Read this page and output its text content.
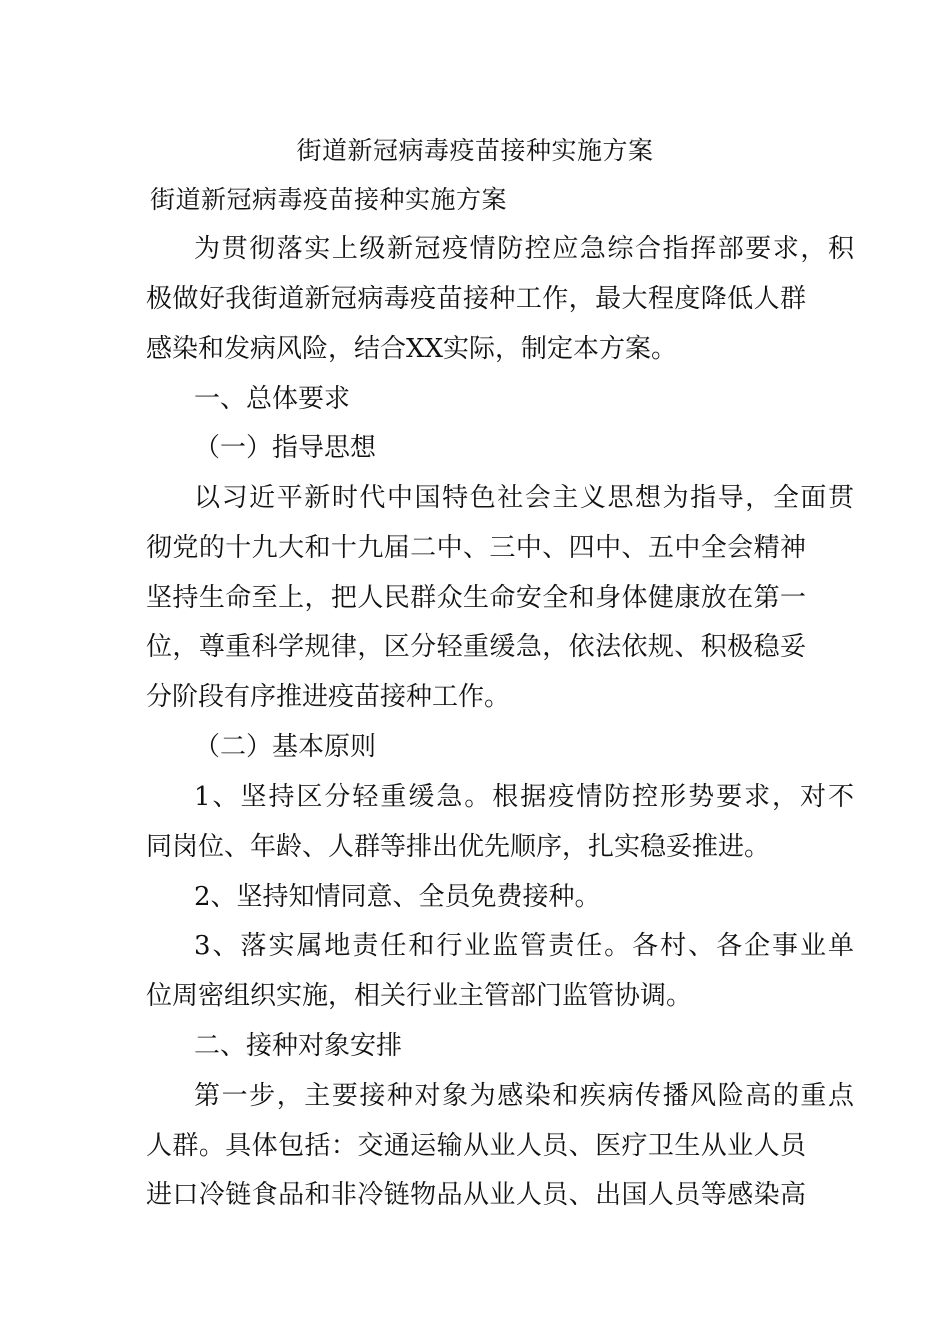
街道新冠病毒疫苗接种实施方案
街道新冠病毒疫苗接种实施方案
为贯彻落实上级新冠疫情防控应急综合指挥部要求，积
极做好我街道新冠病毒疫苗接种工作，最大程度降低人群
感染和发病风险，结合XX实际，制定本方案。
一、总体要求
（一）指导思想
以习近平新时代中国特色社会主义思想为指导，全面贯
彻党的十九大和十九届二中、三中、四中、五中全会精神
坚持生命至上，把人民群众生命安全和身体健康放在第一
位，尊重科学规律，区分轻重缓急，依法依规、积极稳妥
分阶段有序推进疫苗接种工作。
（二）基本原则
1、坚持区分轻重缓急。根据疫情防控形势要求，对不
同岗位、年龄、人群等排出优先顺序，扎实稳妥推进。
2、坚持知情同意、全员免费接种。
3、落实属地责任和行业监管责任。各村、各企事业单
位周密组织实施，相关行业主管部门监管协调。
二、接种对象安排
第一步，主要接种对象为感染和疾病传播风险高的重点
人群。具体包括：交通运输从业人员、医疗卫生从业人员
进口冷链食品和非冷链物品从业人员、出国人员等感染高
